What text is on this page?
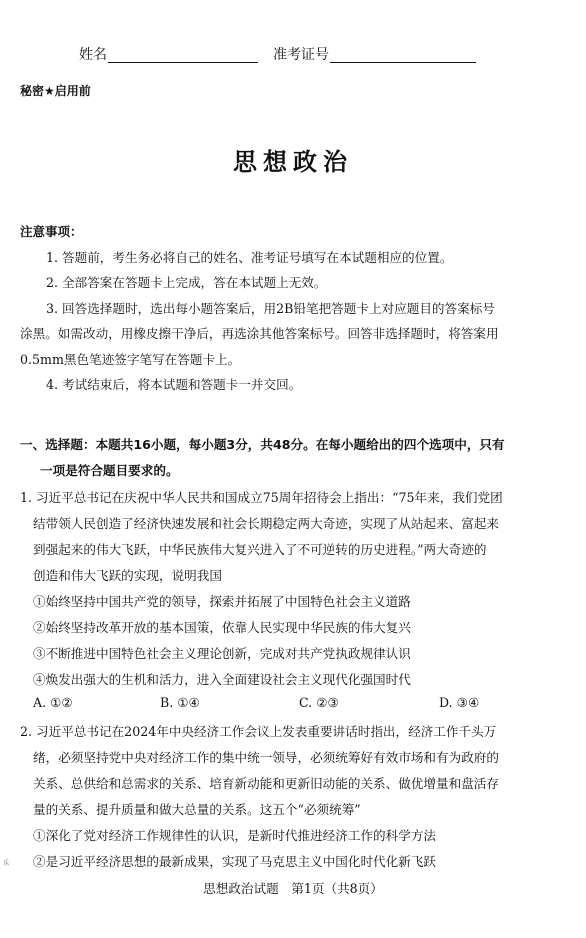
姓名	准考证号
秘密★启用前
思想政治
注意事项：
1. 答题前，考生务必将自己的姓名、准考证号填写在本试题相应的位置。
2. 全部答案在答题卡上完成，答在本试题上无效。
3. 回答选择题时，选出每小题答案后，用2B铅笔把答题卡上对应题目的答案标号
涂黑。如需改动，用橡皮擦干净后，再选涂其他答案标号。回答非选择题时，将答案用
0.5mm黑色笔迹签字笔写在答题卡上。
4. 考试结束后，将本试题和答题卡一并交回。
一、选择题：本题共16小题，每小题3分，共48分。在每小题给出的四个选项中，只有
一项是符合题目要求的。
1. 习近平总书记在庆祝中华人民共和国成立75周年招待会上指出：“75年来，我们党团
结带领人民创造了经济快速发展和社会长期稳定两大奇迹，实现了从站起来、富起来
到强起来的伟大飞跃，中华民族伟大复兴进入了不可逆转的历史进程。”两大奇迹的
创造和伟大飞跃的实现，说明我国
①始终坚持中国共产党的领导，探索并拓展了中国特色社会主义道路
②始终坚持改革开放的基本国策，依靠人民实现中华民族的伟大复兴
③不断推进中国特色社会主义理论创新，完成对共产党执政规律认识
④焕发出强大的生机和活力，进入全面建设社会主义现代化强国时代
A. ①②	B. ①④	C. ②③	D. ③④
2. 习近平总书记在2024年中央经济工作会议上发表重要讲话时指出，经济工作千头万
绪，必须坚持党中央对经济工作的集中统一领导，必须统筹好有效市场和有为政府的
关系、总供给和总需求的关系、培育新动能和更新旧动能的关系、做优增量和盘活存
量的关系、提升质量和做大总量的关系。这五个“必须统筹”
①深化了党对经济工作规律性的认识，是新时代推进经济工作的科学方法
②是习近平经济思想的最新成果，实现了马克思主义中国化时代化新飞跃
乐
思想政治试题　第1页（共8页）
